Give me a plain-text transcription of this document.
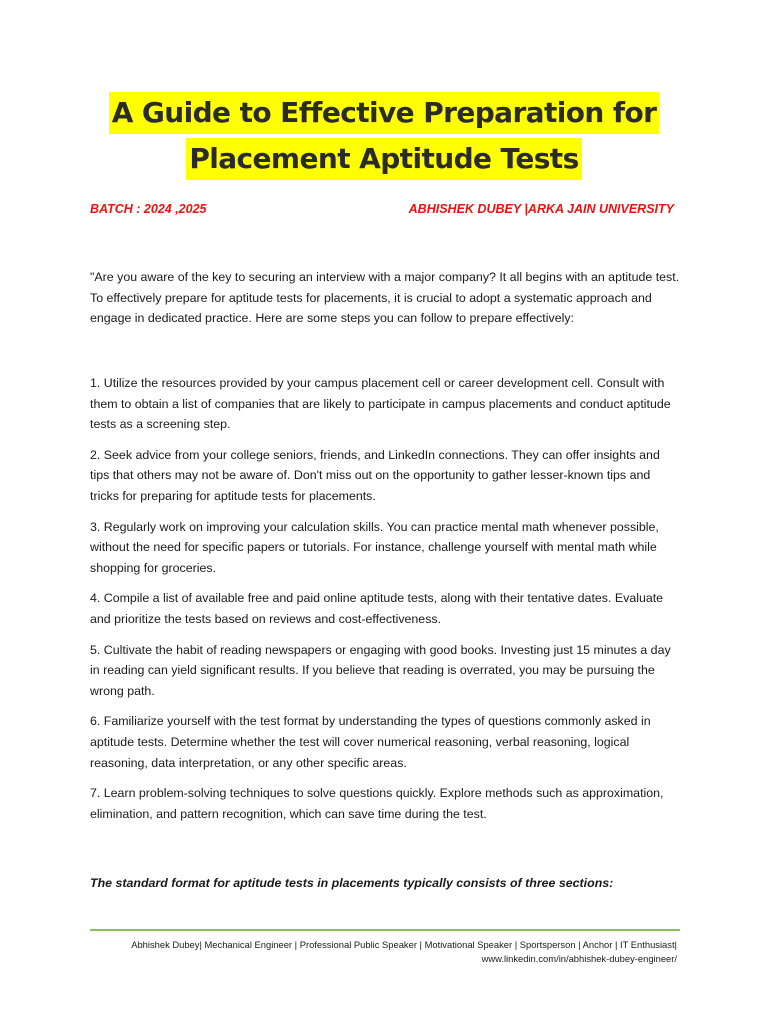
A Guide to Effective Preparation for
Placement Aptitude Tests
BATCH : 2024 ,2025	ABHISHEK DUBEY |ARKA JAIN UNIVERSITY
"Are you aware of the key to securing an interview with a major company? It all begins with an aptitude test. To effectively prepare for aptitude tests for placements, it is crucial to adopt a systematic approach and engage in dedicated practice. Here are some steps you can follow to prepare effectively:

1. Utilize the resources provided by your campus placement cell or career development cell. Consult with them to obtain a list of companies that are likely to participate in campus placements and conduct aptitude tests as a screening step.

2. Seek advice from your college seniors, friends, and LinkedIn connections. They can offer insights and tips that others may not be aware of. Don't miss out on the opportunity to gather lesser-known tips and tricks for preparing for aptitude tests for placements.

3. Regularly work on improving your calculation skills. You can practice mental math whenever possible, without the need for specific papers or tutorials. For instance, challenge yourself with mental math while shopping for groceries.

4. Compile a list of available free and paid online aptitude tests, along with their tentative dates. Evaluate and prioritize the tests based on reviews and cost-effectiveness.

5. Cultivate the habit of reading newspapers or engaging with good books. Investing just 15 minutes a day in reading can yield significant results. If you believe that reading is overrated, you may be pursuing the wrong path.

6. Familiarize yourself with the test format by understanding the types of questions commonly asked in aptitude tests. Determine whether the test will cover numerical reasoning, verbal reasoning, logical reasoning, data interpretation, or any other specific areas.

7. Learn problem-solving techniques to solve questions quickly. Explore methods such as approximation, elimination, and pattern recognition, which can save time during the test.

The standard format for aptitude tests in placements typically consists of three sections:
Abhishek Dubey| Mechanical Engineer | Professional Public Speaker | Motivational Speaker | Sportsperson | Anchor | IT Enthusiast|
www.linkedin.com/in/abhishek-dubey-engineer/
